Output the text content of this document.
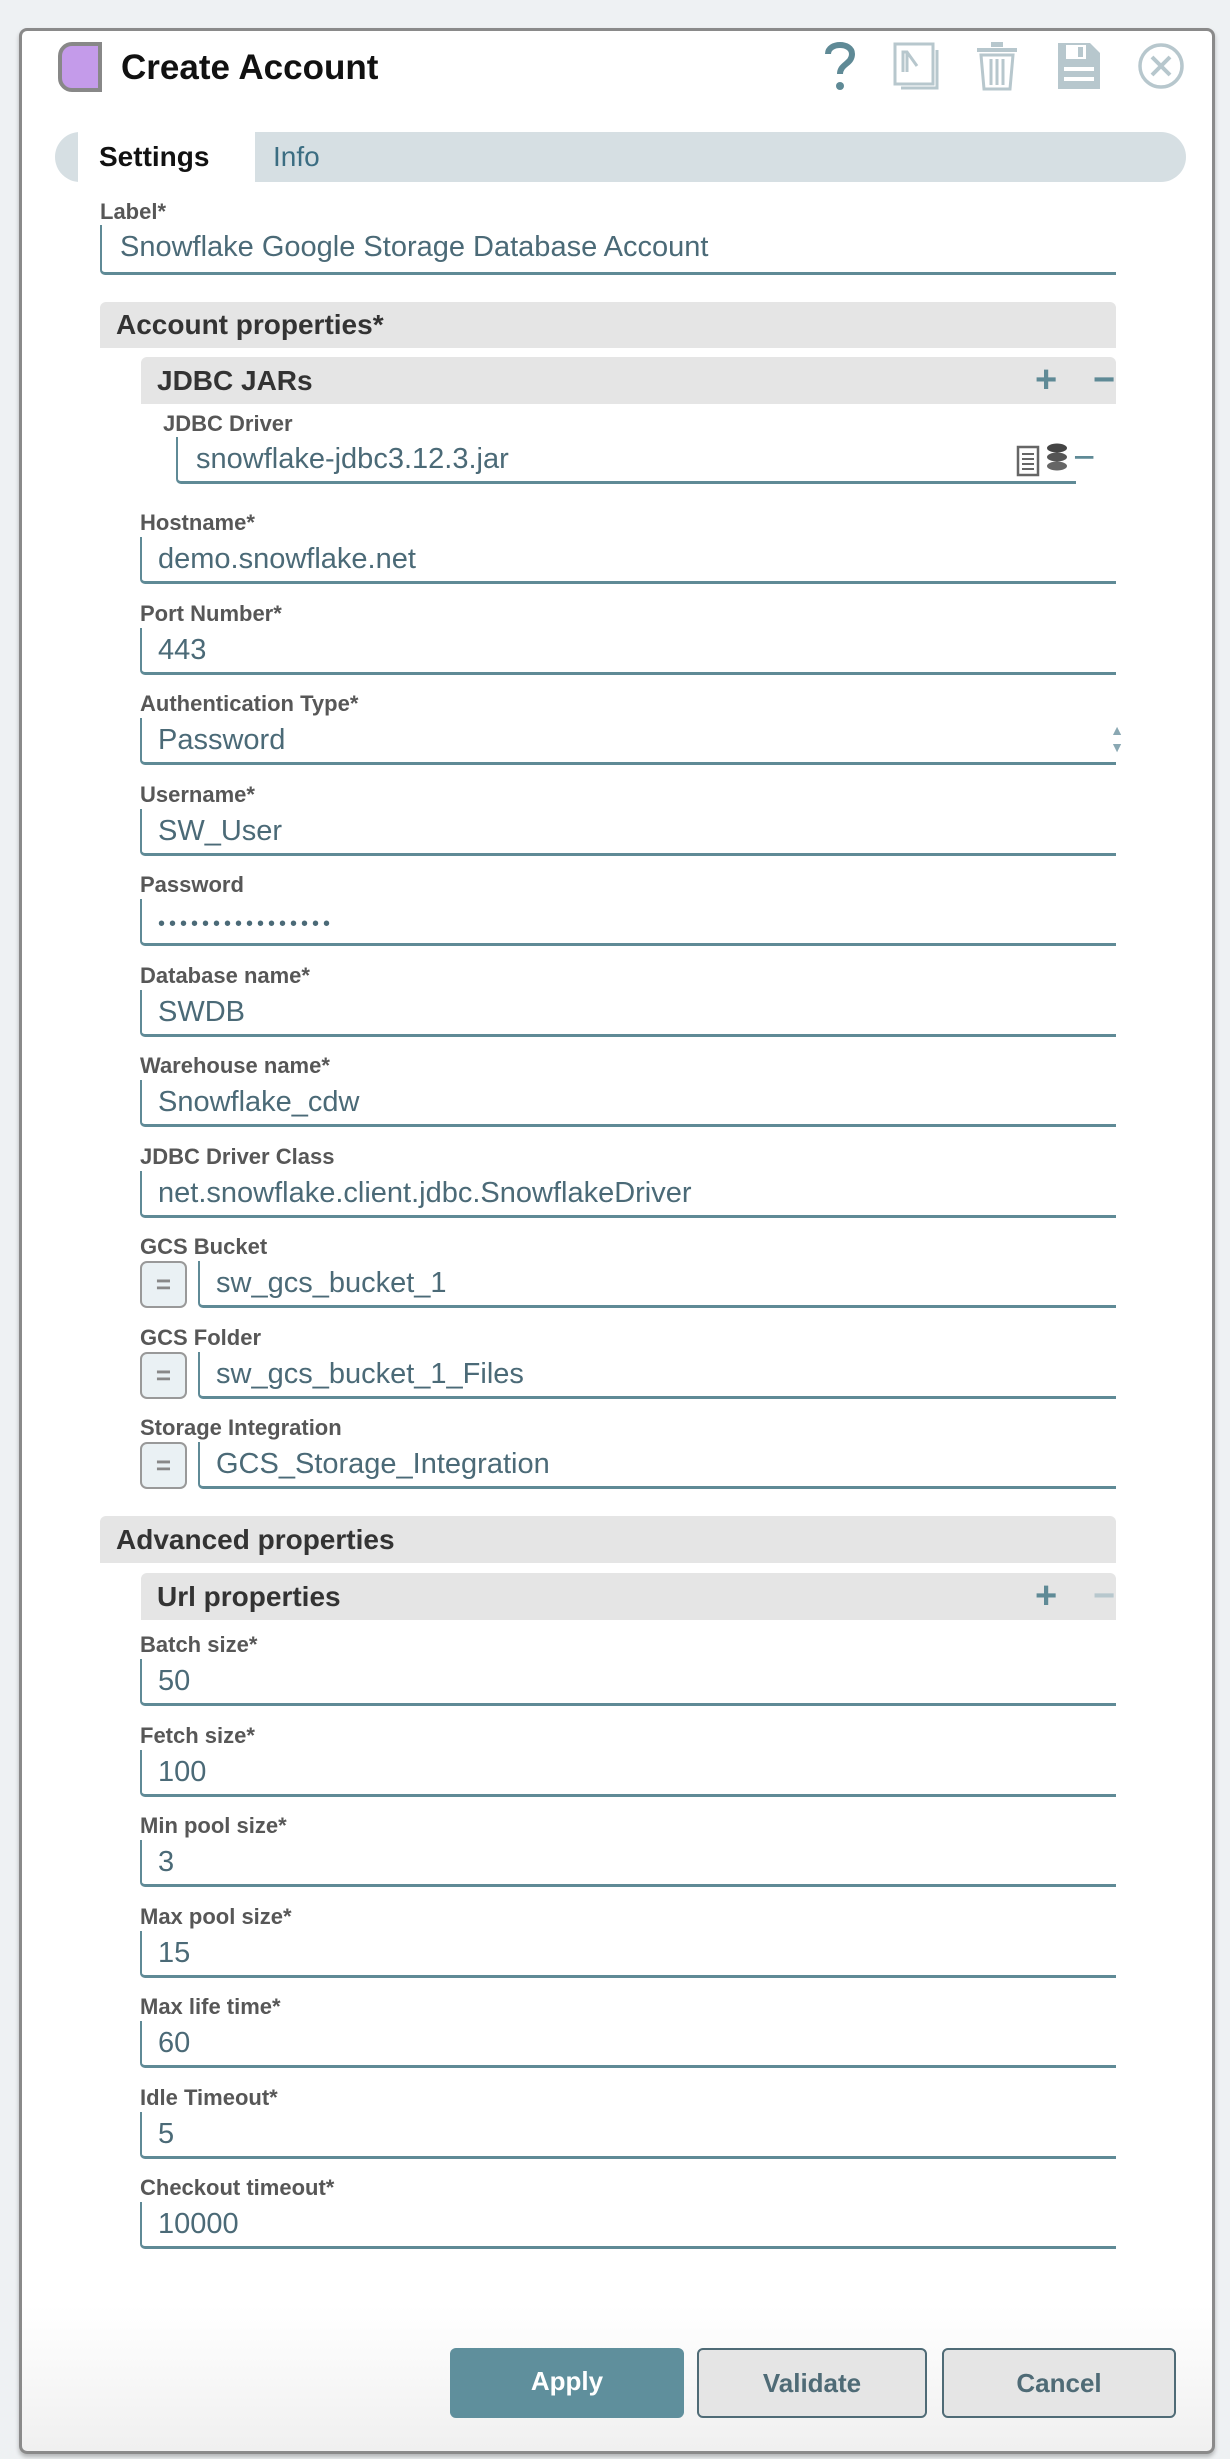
Create Account
Settings	Info
Label*
Snowflake Google Storage Database Account
Account properties*
JDBC JARs	+ −
JDBC Driver
snowflake-jdbc3.12.3.jar	−
Hostname*
demo.snowflake.net
Port Number*
443
Authentication Type*
Password	▲
▼
Username*
SW_User
Password
••••••••••••••••
Database name*
SWDB
Warehouse name*
Snowflake_cdw
JDBC Driver Class
net.snowflake.client.jdbc.SnowflakeDriver
GCS Bucket
=	sw_gcs_bucket_1
GCS Folder
=	sw_gcs_bucket_1_Files
Storage Integration
=	GCS_Storage_Integration
Advanced properties
Url properties	+ −
Batch size*
50
Fetch size*
100
Min pool size*
3
Max pool size*
15
Max life time*
60
Idle Timeout*
5
Checkout timeout*
10000
Apply	Validate	Cancel
